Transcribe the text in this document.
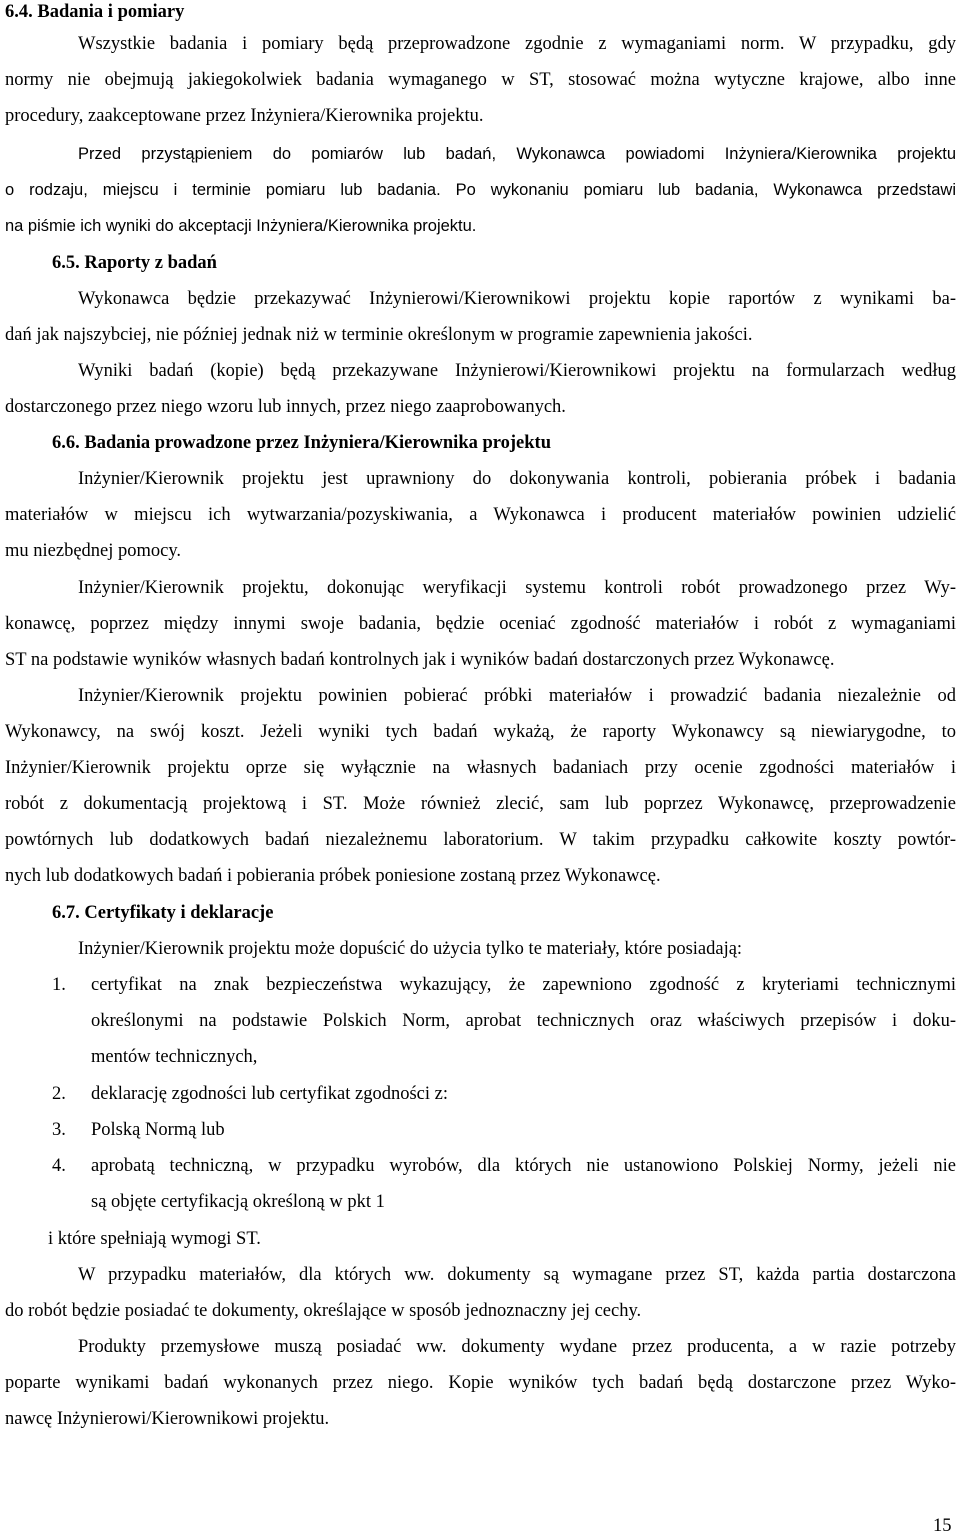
6.4. Badania i pomiary
Wszystkie badania i pomiary będą przeprowadzone zgodnie z wymaganiami norm. W przypadku, gdy
normy nie obejmują jakiegokolwiek badania wymaganego w ST, stosować można wytyczne krajowe, albo inne
procedury, zaakceptowane przez Inżyniera/Kierownika projektu.
Przed przystąpieniem do pomiarów lub badań, Wykonawca powiadomi Inżyniera/Kierownika projektu
o rodzaju, miejscu i terminie pomiaru lub badania. Po wykonaniu pomiaru lub badania, Wykonawca przedstawi
na piśmie ich wyniki do akceptacji Inżyniera/Kierownika projektu.
6.5. Raporty z badań
Wykonawca będzie przekazywać Inżynierowi/Kierownikowi projektu kopie raportów z wynikami ba-
dań jak najszybciej, nie później jednak niż w terminie określonym w programie zapewnienia jakości.
Wyniki badań (kopie) będą przekazywane Inżynierowi/Kierownikowi projektu na formularzach według
dostarczonego przez niego wzoru lub innych, przez niego zaaprobowanych.
6.6. Badania prowadzone przez Inżyniera/Kierownika projektu
Inżynier/Kierownik projektu jest uprawniony do dokonywania kontroli, pobierania próbek i badania
materiałów w miejscu ich wytwarzania/pozyskiwania, a Wykonawca i producent materiałów powinien udzielić
mu niezbędnej pomocy.
Inżynier/Kierownik projektu, dokonując weryfikacji systemu kontroli robót prowadzonego przez Wy-
konawcę, poprzez między innymi swoje badania, będzie oceniać zgodność materiałów i robót z wymaganiami
ST na podstawie wyników własnych badań kontrolnych jak i wyników badań dostarczonych przez Wykonawcę.
Inżynier/Kierownik projektu powinien pobierać próbki materiałów i prowadzić badania niezależnie od
Wykonawcy, na swój koszt. Jeżeli wyniki tych badań wykażą, że raporty Wykonawcy są niewiarygodne, to
Inżynier/Kierownik projektu oprze się wyłącznie na własnych badaniach przy ocenie zgodności materiałów i
robót z dokumentacją projektową i ST. Może również zlecić, sam lub poprzez Wykonawcę, przeprowadzenie
powtórnych lub dodatkowych badań niezależnemu laboratorium. W takim przypadku całkowite koszty powtór-
nych lub dodatkowych badań i pobierania próbek poniesione zostaną przez Wykonawcę.
6.7. Certyfikaty i deklaracje
Inżynier/Kierownik projektu może dopuścić do użycia tylko te materiały, które posiadają:
1. certyfikat na znak bezpieczeństwa wykazujący, że zapewniono zgodność z kryteriami technicznymi
określonymi na podstawie Polskich Norm, aprobat technicznych oraz właściwych przepisów i doku-
mentów technicznych,
2. deklarację zgodności lub certyfikat zgodności z:
3. Polską Normą lub
4. aprobatą techniczną, w przypadku wyrobów, dla których nie ustanowiono Polskiej Normy, jeżeli nie
są objęte certyfikacją określoną w pkt 1
i które spełniają wymogi ST.
W przypadku materiałów, dla których ww. dokumenty są wymagane przez ST, każda partia dostarczona
do robót będzie posiadać te dokumenty, określające w sposób jednoznaczny jej cechy.
Produkty przemysłowe muszą posiadać ww. dokumenty wydane przez producenta, a w razie potrzeby
poparte wynikami badań wykonanych przez niego. Kopie wyników tych badań będą dostarczone przez Wyko-
nawcę Inżynierowi/Kierownikowi projektu.
15
